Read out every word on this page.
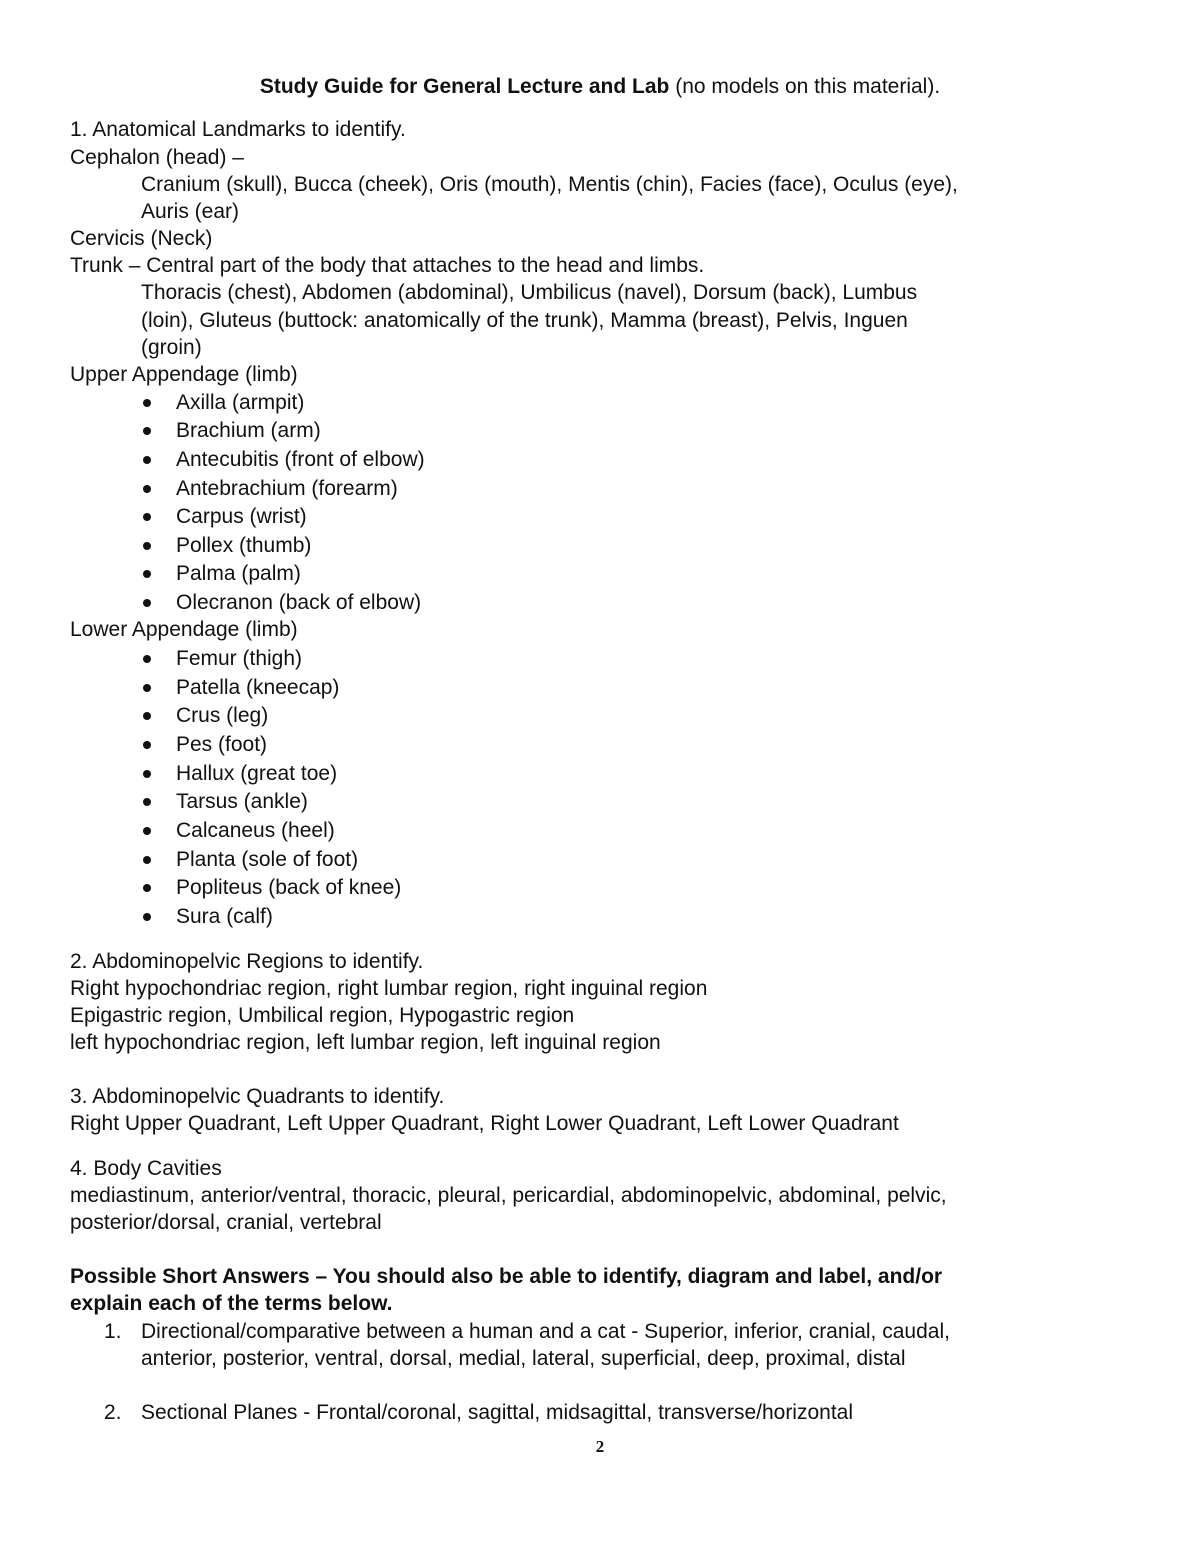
Study Guide for General Lecture and Lab (no models on this material).
1. Anatomical Landmarks to identify.
Cephalon (head) –
Cranium (skull), Bucca (cheek), Oris (mouth), Mentis (chin), Facies (face), Oculus (eye),
Auris (ear)
Cervicis (Neck)
Trunk – Central part of the body that attaches to the head and limbs.
Thoracis (chest), Abdomen (abdominal), Umbilicus (navel), Dorsum (back), Lumbus
(loin), Gluteus (buttock: anatomically of the trunk), Mamma (breast), Pelvis, Inguen
(groin)
Upper Appendage (limb)
Axilla (armpit)
Brachium (arm)
Antecubitis (front of elbow)
Antebrachium (forearm)
Carpus (wrist)
Pollex (thumb)
Palma (palm)
Olecranon (back of elbow)
Lower Appendage (limb)
Femur (thigh)
Patella (kneecap)
Crus (leg)
Pes (foot)
Hallux (great toe)
Tarsus (ankle)
Calcaneus (heel)
Planta (sole of foot)
Popliteus (back of knee)
Sura (calf)
2. Abdominopelvic Regions to identify.
Right hypochondriac region, right lumbar region, right inguinal region
Epigastric region, Umbilical region, Hypogastric region
left hypochondriac region, left lumbar region, left inguinal region
3. Abdominopelvic Quadrants to identify.
Right Upper Quadrant, Left Upper Quadrant, Right Lower Quadrant, Left Lower Quadrant
4. Body Cavities
mediastinum, anterior/ventral, thoracic, pleural, pericardial, abdominopelvic, abdominal, pelvic,
posterior/dorsal, cranial, vertebral
Possible Short Answers – You should also be able to identify, diagram and label, and/or
explain each of the terms below.
1. Directional/comparative between a human and a cat - Superior, inferior, cranial, caudal,
anterior, posterior, ventral, dorsal, medial, lateral, superficial, deep, proximal, distal
2. Sectional Planes - Frontal/coronal, sagittal, midsagittal, transverse/horizontal
2
